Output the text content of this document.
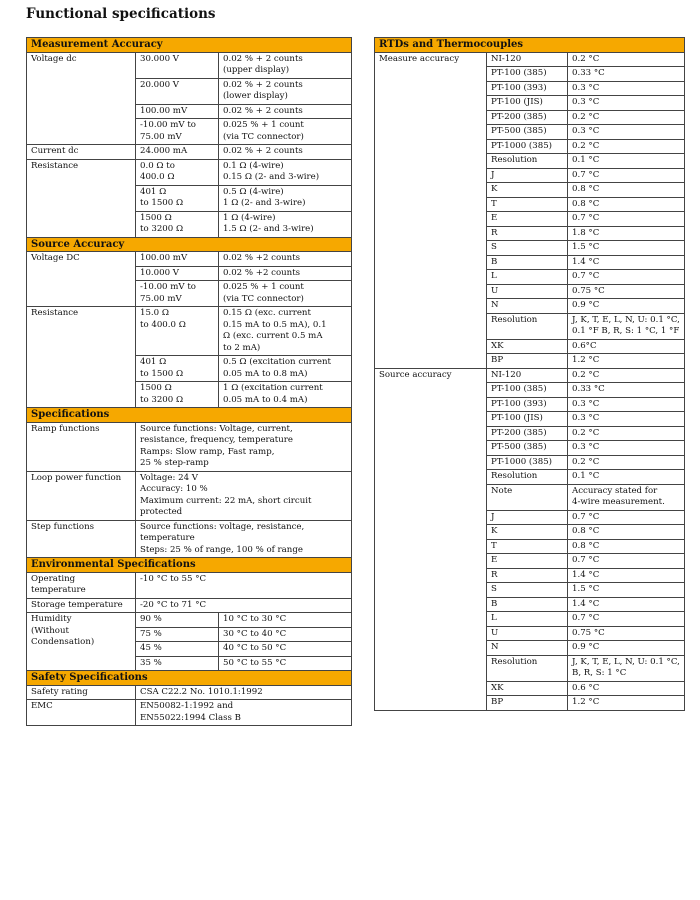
Functional specifications
Measurement Accuracy		
Voltage dc	30.000 V	0.02 % + 2 counts
(upper display)
	20.000 V	0.02 % + 2 counts
(lower display)
	100.00 mV	0.02 % + 2 counts
	-10.00 mV to
75.00 mV	0.025 % + 1 count
(via TC connector)
Current dc	24.000 mA	0.02 % + 2 counts
Resistance	0.0 Ω to
400.0 Ω	0.1 Ω (4-wire)
0.15 Ω (2- and 3-wire)
	401 Ω
to 1500 Ω	0.5 Ω (4-wire)
1 Ω (2- and 3-wire)
	1500 Ω
to 3200 Ω	1 Ω (4-wire)
1.5 Ω (2- and 3-wire)
Source Accuracy		
Voltage DC	100.00 mV	0.02 % +2 counts
	10.000 V	0.02 % +2 counts
	-10.00 mV to
75.00 mV	0.025 % + 1 count
(via TC connector)
Resistance	15.0 Ω
to 400.0 Ω	0.15 Ω (exc. current
0.15 mA to 0.5 mA), 0.1
Ω (exc. current 0.5 mA
to 2 mA)
	401 Ω
to 1500 Ω	0.5 Ω (excitation current
0.05 mA to 0.8 mA)
	1500 Ω
to 3200 Ω	1 Ω (excitation current
0.05 mA to 0.4 mA)
Specifications		
Ramp functions	Source functions: Voltage, current,
resistance, frequency, temperature
Ramps: Slow ramp, Fast ramp,
25 % step-ramp	
Loop power function	Voltage: 24 V
Accuracy: 10 %
Maximum current: 22 mA, short circuit
protected	
Step functions	Source functions: voltage, resistance,
temperature
Steps: 25 % of range, 100 % of range	
Environmental Specifications		
Operating
temperature	-10 °C to 55 °C	
Storage temperature	-20 °C to 71 °C	
Humidity
(Without
Condensation)	90 %	10 °C to 30 °C
	75 %	30 °C to 40 °C
	45 %	40 °C to 50 °C
	35 %	50 °C to 55 °C
Safety Specifications		
Safety rating	CSA C22.2 No. 1010.1:1992	
EMC	EN50082-1:1992 and
EN55022:1994 Class B	
RTDs and Thermocouples		
Measure accuracy	NI-120	0.2 °C
	PT-100 (385)	0.33 °C
	PT-100 (393)	0.3 °C
	PT-100 (JIS)	0.3 °C
	PT-200 (385)	0.2 °C
	PT-500 (385)	0.3 °C
	PT-1000 (385)	0.2 °C
	Resolution	0.1 °C
	J	0.7 °C
	K	0.8 °C
	T	0.8 °C
	E	0.7 °C
	R	1.8 °C
	S	1.5 °C
	B	1.4 °C
	L	0.7 °C
	U	0.75 °C
	N	0.9 °C
	Resolution	J, K, T, E, L, N, U: 0.1 °C,
0.1 °F B, R, S: 1 °C, 1 °F
	XK	0.6°C
	BP	1.2 °C
Source accuracy	NI-120	0.2 °C
	PT-100 (385)	0.33 °C
	PT-100 (393)	0.3 °C
	PT-100 (JIS)	0.3 °C
	PT-200 (385)	0.2 °C
	PT-500 (385)	0.3 °C
	PT-1000 (385)	0.2 °C
	Resolution	0.1 °C
	Note	Accuracy stated for
4-wire measurement.
	J	0.7 °C
	K	0.8 °C
	T	0.8 °C
	E	0.7 °C
	R	1.4 °C
	S	1.5 °C
	B	1.4 °C
	L	0.7 °C
	U	0.75 °C
	N	0.9 °C
	Resolution	J, K, T, E, L, N, U: 0.1 °C,
B, R, S: 1 °C
	XK	0.6 °C
	BP	1.2 °C
